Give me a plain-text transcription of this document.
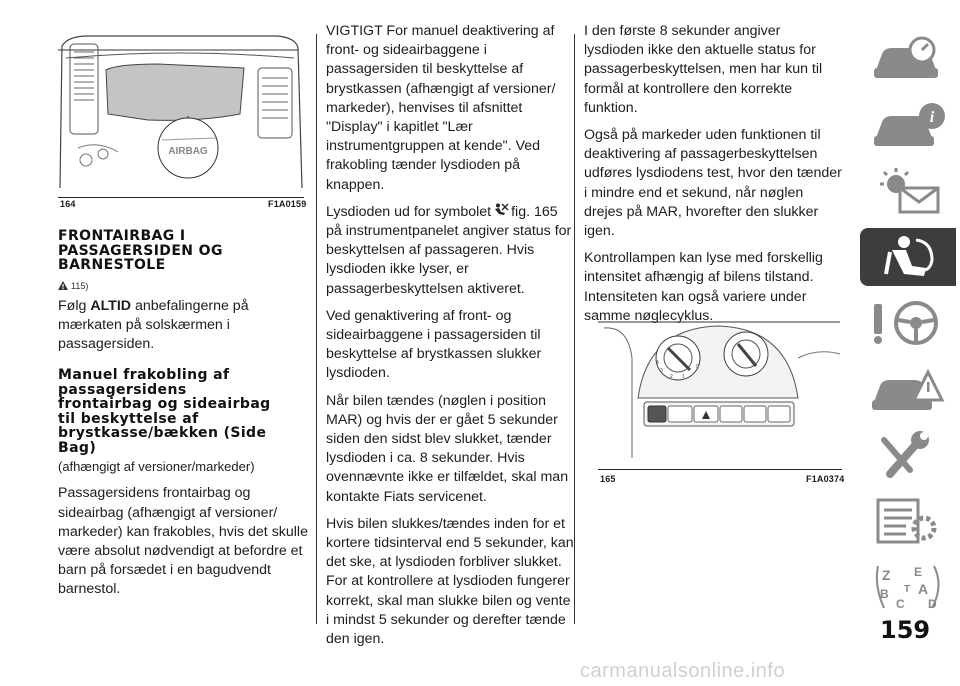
AIRBAG
164	F1A0159
FRONTAIRBAG I PASSAGERSIDEN OG BARNESTOLE
115)
Følg ALTID anbefalingerne på mærkaten på solskærmen i passagersiden.
Manuel frakobling af passagersidens frontairbag og sideairbag til beskyttelse af brystkasse/bækken (Side Bag)
(afhængigt af versioner/markeder)
Passagersidens frontairbag og sideairbag (afhængigt af versioner/ markeder) kan frakobles, hvis det skulle være absolut nødvendigt at befordre et barn på forsædet i en bagudvendt barnestol.

VIGTIGT For manuel deaktivering af front- og sideairbaggene i passagersiden til beskyttelse af brystkassen (afhængigt af versioner/ markeder), henvises til afsnittet "Display" i kapitlet "Lær instrumentgruppen at kende". Ved frakobling tænder lysdioden på knappen.

Lysdioden ud for symbolet fig. 165 på instrumentpanelet angiver status for beskyttelsen af passageren. Hvis lysdioden ikke lyser, er passagerbeskyttelsen aktiveret.

Ved genaktivering af front- og sideairbaggene i passagersiden til beskyttelse af brystkassen slukker lysdioden.

Når bilen tændes (nøglen i position MAR) og hvis der er gået 5 sekunder siden den sidst blev slukket, tænder lysdioden i ca. 8 sekunder. Hvis ovennævnte ikke er tilfældet, skal man kontakte Fiats servicenet.

Hvis bilen slukkes/tændes inden for et kortere tidsinterval end 5 sekunder, kan det ske, at lysdioden forbliver slukket. For at kontrollere at lysdioden fungerer korrekt, skal man slukke bilen og vente i mindst 5 sekunder og derefter tænde den igen.

I den første 8 sekunder angiver lysdioden ikke den aktuelle status for passagerbeskyttelsen, men har kun til formål at kontrollere den korrekte funktion.

Også på markeder uden funktionen til deaktivering af passagerbeskyttelsen udføres lysdiodens test, hvor den tænder i mindre end et sekund, når nøglen drejes på MAR, hvorefter den slukker igen.

Kontrollampen kan lyse med forskellig intensitet afhængig af bilens tilstand. Intensiteten kan også variere under samme nøglecyklus.

4
3
2 1
0
165	F1A0374
i
Z E
B A
C D
T
159
carmanualsonline.info
